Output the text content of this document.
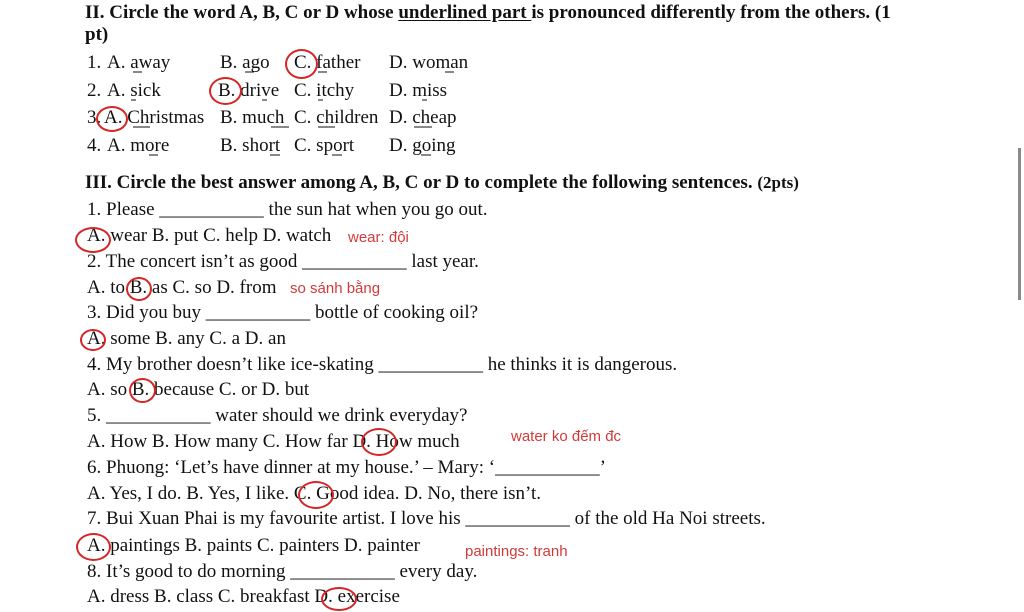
II. Circle the word A, B, C or D whose underlined part is pronounced differently from the others. (1
pt)
1. A. away	B. ago C. father D. woman
2. A. sick	B. drive C. itchy D. miss
3. A. Christmas B. much C. children D. cheap
4. A. more	B. short C. sport D. going
III. Circle the best answer among A, B, C or D to complete the following sentences. (2pts)
1. Please ___________ the sun hat when you go out.
A. wear B. put C. help D. watch wear: đội
2. The concert isn’t as good ___________ last year.
A. to B. as C. so D. from so sánh bằng
3. Did you buy ___________ bottle of cooking oil?
A. some B. any C. a D. an
4. My brother doesn’t like ice-skating ___________ he thinks it is dangerous.
A. so B. because C. or D. but
5. ___________ water should we drink everyday?
A. How B. How many C. How far D. How much	water ko đếm đc
6. Phuong: ‘Let’s have dinner at my house.’ – Mary: ‘___________’
A. Yes, I do. B. Yes, I like. C. Good idea. D. No, there isn’t.
7. Bui Xuan Phai is my favourite artist. I love his ___________ of the old Ha Noi streets.
A. paintings B. paints C. painters D. painter	paintings: tranh
8. It’s good to do morning ___________ every day.
A. dress B. class C. breakfast D. exercise
